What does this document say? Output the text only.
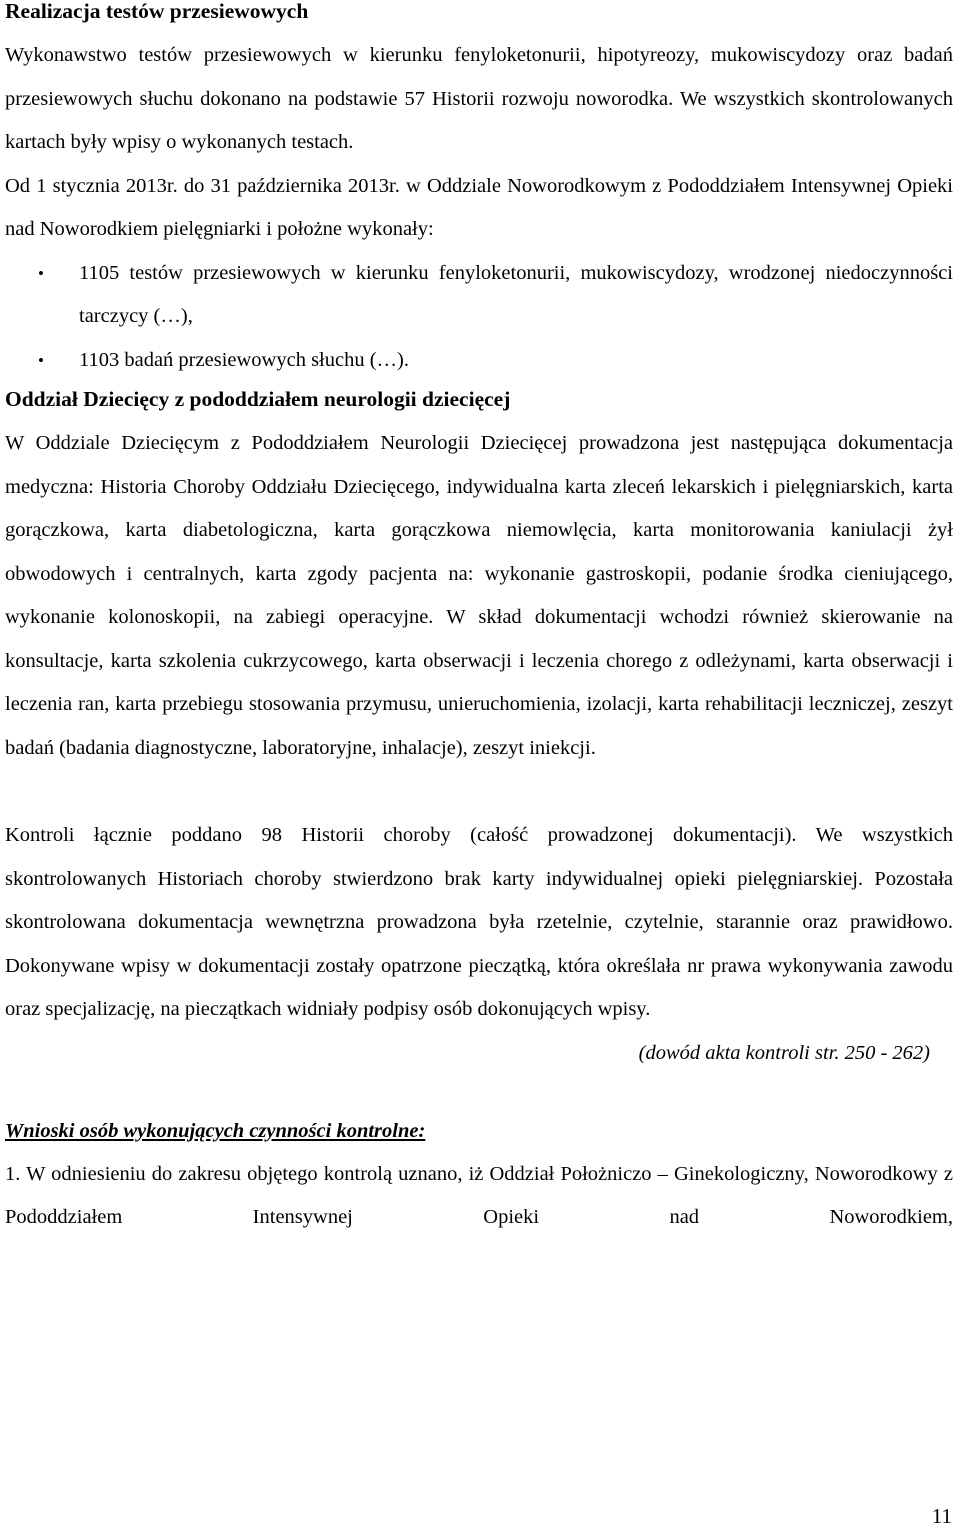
Realizacja testów przesiewowych

Wykonawstwo testów przesiewowych w kierunku fenyloketonurii, hipotyreozy, mukowiscydozy oraz badań przesiewowych słuchu dokonano na podstawie 57 Historii rozwoju noworodka. We wszystkich skontrolowanych kartach były wpisy o wykonanych testach.

Od 1 stycznia 2013r. do 31 października 2013r. w Oddziale Noworodkowym z Pododdziałem Intensywnej Opieki nad Noworodkiem pielęgniarki i położne wykonały:

• 1105 testów przesiewowych w kierunku fenyloketonurii, mukowiscydozy, wrodzonej niedoczynności tarczycy (…),
• 1103 badań przesiewowych słuchu (…).

Oddział Dziecięcy z pododdziałem neurologii dziecięcej

W Oddziale Dziecięcym z Pododdziałem Neurologii Dziecięcej prowadzona jest następująca dokumentacja medyczna: Historia Choroby Oddziału Dziecięcego, indywidualna karta zleceń lekarskich i pielęgniarskich, karta gorączkowa, karta diabetologiczna, karta gorączkowa niemowlęcia, karta monitorowania kaniulacji żył obwodowych i centralnych, karta zgody pacjenta na: wykonanie gastroskopii, podanie środka cieniującego, wykonanie kolonoskopii, na zabiegi operacyjne. W skład dokumentacji wchodzi również skierowanie na konsultacje, karta szkolenia cukrzycowego, karta obserwacji i leczenia chorego z odleżynami, karta obserwacji i leczenia ran, karta przebiegu stosowania przymusu, unieruchomienia, izolacji, karta rehabilitacji leczniczej, zeszyt badań (badania diagnostyczne, laboratoryjne, inhalacje), zeszyt iniekcji.

Kontroli łącznie poddano 98 Historii choroby (całość prowadzonej dokumentacji). We wszystkich skontrolowanych Historiach choroby stwierdzono brak karty indywidualnej opieki pielęgniarskiej. Pozostała skontrolowana dokumentacja wewnętrzna prowadzona była rzetelnie, czytelnie, starannie oraz prawidłowo. Dokonywane wpisy w dokumentacji zostały opatrzone pieczątką, która określała nr prawa wykonywania zawodu oraz specjalizację, na pieczątkach widniały podpisy osób dokonujących wpisy.

(dowód akta kontroli str. 250 - 262)
Wnioski osób wykonujących czynności kontrolne:

1. W odniesieniu do zakresu objętego kontrolą uznano, iż Oddział Położniczo – Ginekologiczny, Noworodkowy z Pododdziałem Intensywnej Opieki nad Noworodkiem,

11
